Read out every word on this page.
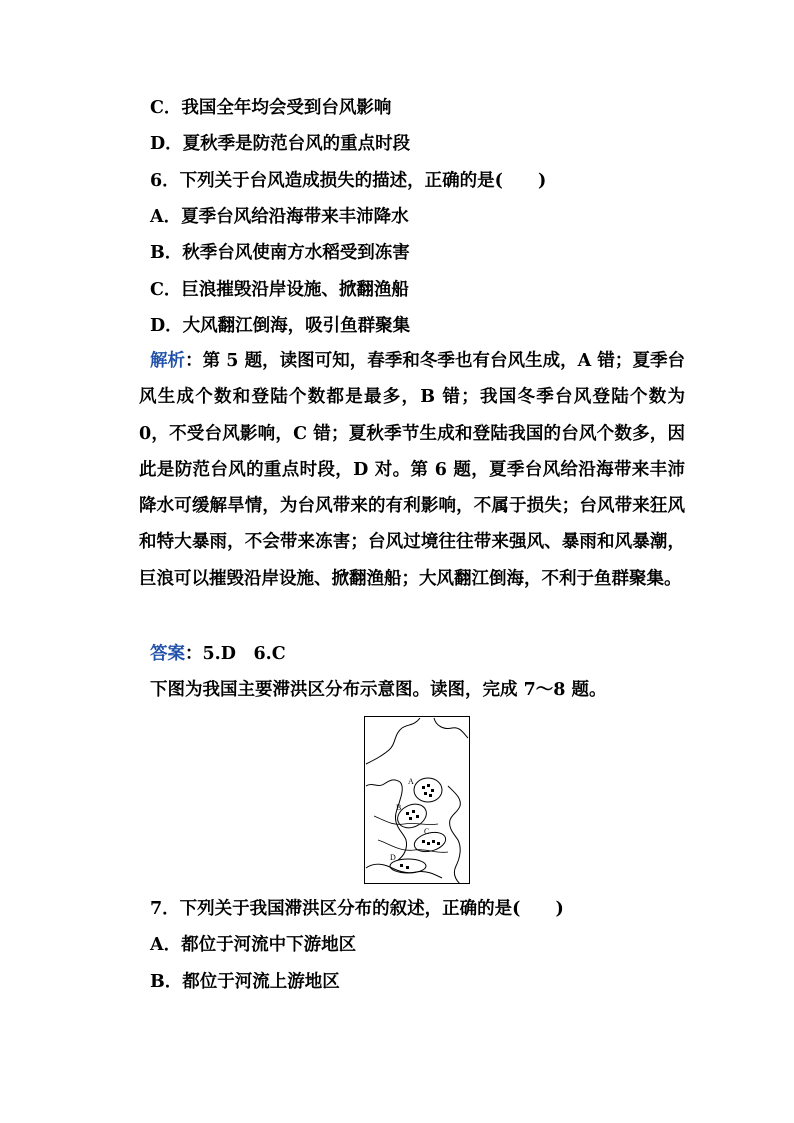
C．我国全年均会受到台风影响
D．夏秋季是防范台风的重点时段
6．下列关于台风造成损失的描述，正确的是(　　)
A．夏季台风给沿海带来丰沛降水
B．秋季台风使南方水稻受到冻害
C．巨浪摧毁沿岸设施、掀翻渔船
D．大风翻江倒海，吸引鱼群聚集
解析：第 5 题，读图可知，春季和冬季也有台风生成，A 错；夏季台风生成个数和登陆个数都是最多，B 错；我国冬季台风登陆个数为 0，不受台风影响，C 错；夏秋季节生成和登陆我国的台风个数多，因此是防范台风的重点时段，D 对。第 6 题，夏季台风给沿海带来丰沛降水可缓解旱情，为台风带来的有利影响，不属于损失；台风带来狂风和特大暴雨，不会带来冻害；台风过境往往带来强风、暴雨和风暴潮，巨浪可以摧毁沿岸设施、掀翻渔船；大风翻江倒海，不利于鱼群聚集。
答案：5.D　6.C
下图为我国主要滞洪区分布示意图。读图，完成 7～8 题。
A
B
C
D
7．下列关于我国滞洪区分布的叙述，正确的是(　　)
A．都位于河流中下游地区
B．都位于河流上游地区
